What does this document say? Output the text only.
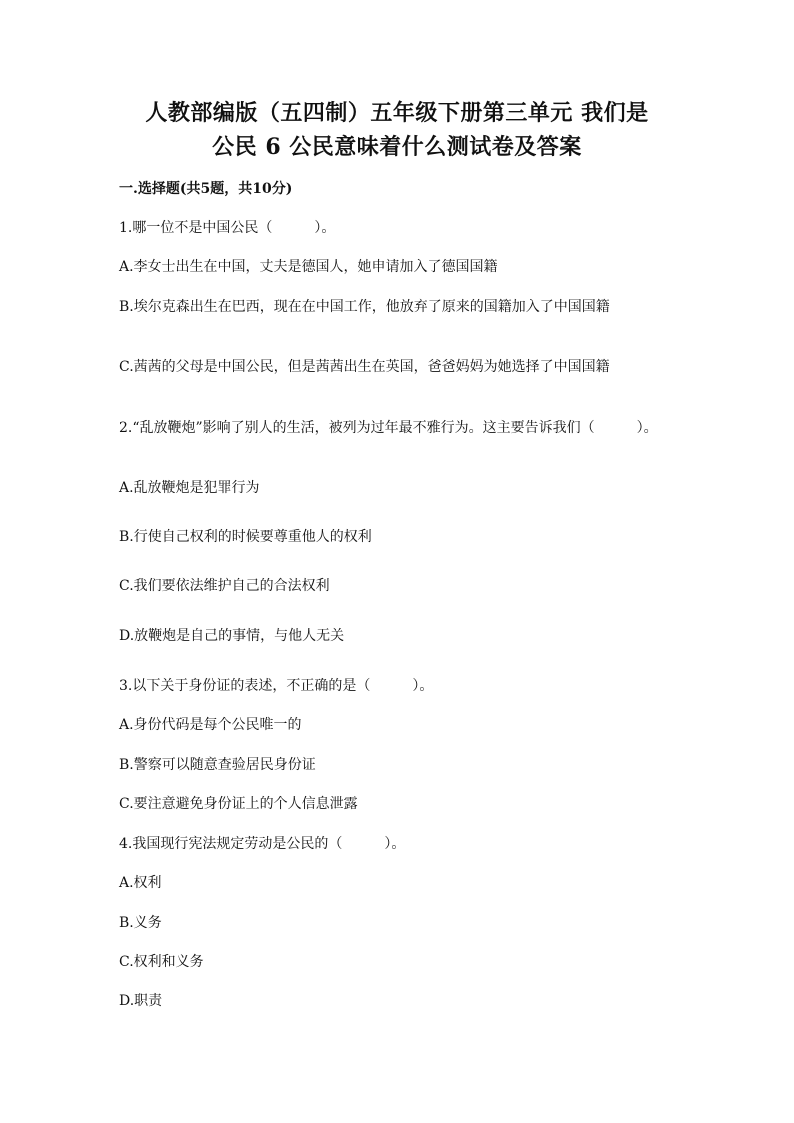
人教部编版（五四制）五年级下册第三单元 我们是
公民 6 公民意味着什么测试卷及答案
一.选择题(共5题，共10分)
1.哪一位不是中国公民（　　　）。
A.李女士出生在中国，丈夫是德国人，她申请加入了德国国籍
B.埃尔克森出生在巴西，现在在中国工作，他放弃了原来的国籍加入了中国国籍
C.茜茜的父母是中国公民，但是茜茜出生在英国，爸爸妈妈为她选择了中国国籍
2.“乱放鞭炮”影响了别人的生活，被列为过年最不雅行为。这主要告诉我们（　　　）。
A.乱放鞭炮是犯罪行为
B.行使自己权利的时候要尊重他人的权利
C.我们要依法维护自己的合法权利
D.放鞭炮是自己的事情，与他人无关
3.以下关于身份证的表述，不正确的是（　　　）。
A.身份代码是每个公民唯一的
B.警察可以随意查验居民身份证
C.要注意避免身份证上的个人信息泄露
4.我国现行宪法规定劳动是公民的（　　　）。
A.权利
B.义务
C.权利和义务
D.职责
